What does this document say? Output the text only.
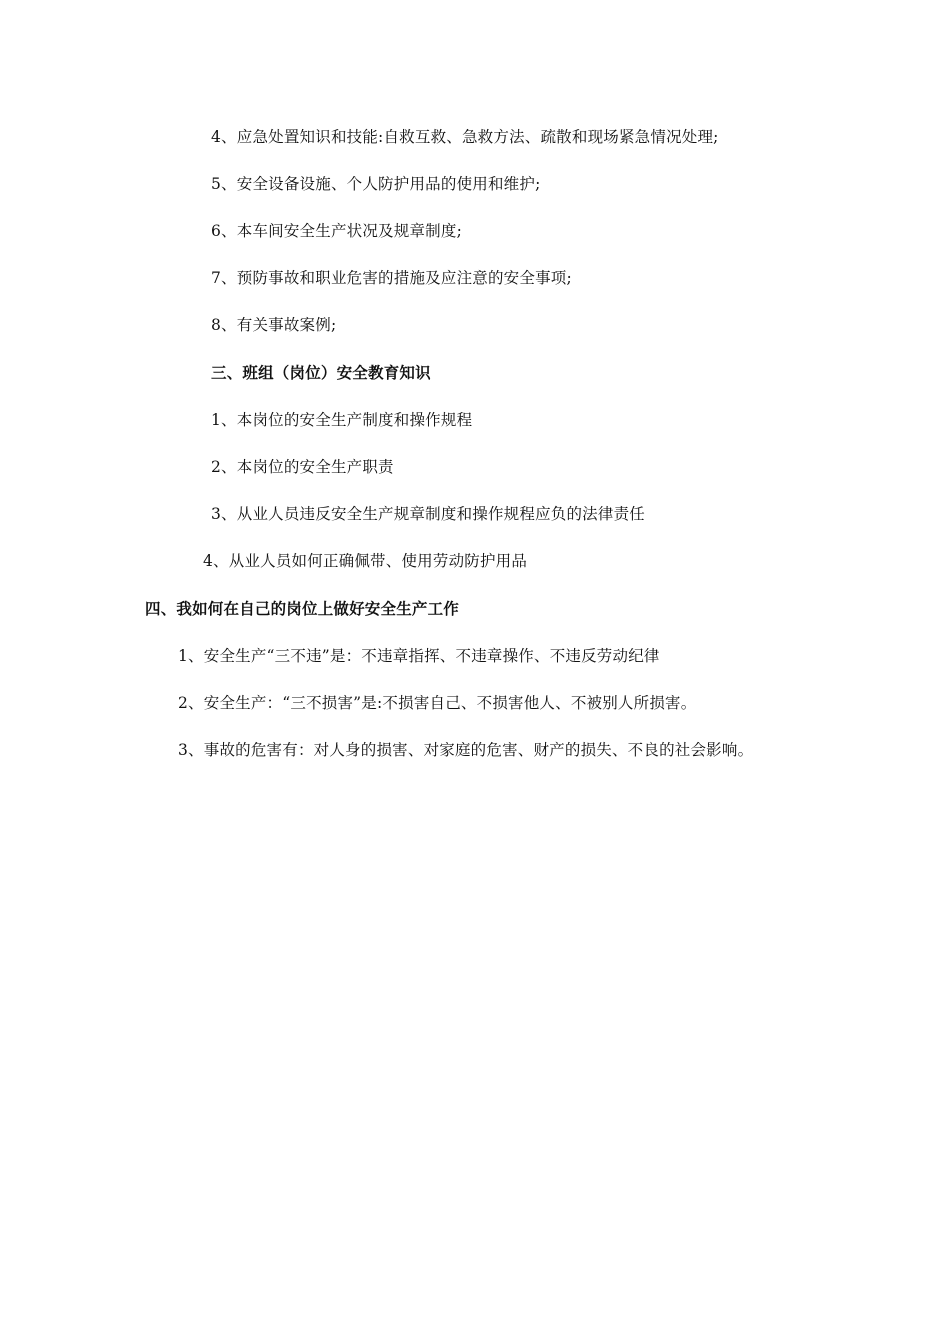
4、应急处置知识和技能:自救互救、急救方法、疏散和现场紧急情况处理;
5、安全设备设施、个人防护用品的使用和维护;
6、本车间安全生产状况及规章制度;
7、预防事故和职业危害的措施及应注意的安全事项;
8、有关事故案例;
三、班组（岗位）安全教育知识
1、本岗位的安全生产制度和操作规程
2、本岗位的安全生产职责
3、从业人员违反安全生产规章制度和操作规程应负的法律责任
4、从业人员如何正确佩带、使用劳动防护用品
四、我如何在自己的岗位上做好安全生产工作
1、安全生产“三不违”是：不违章指挥、不违章操作、不违反劳动纪律
2、安全生产：“三不损害”是:不损害自己、不损害他人、不被别人所损害。
3、事故的危害有：对人身的损害、对家庭的危害、财产的损失、不良的社会影响。
